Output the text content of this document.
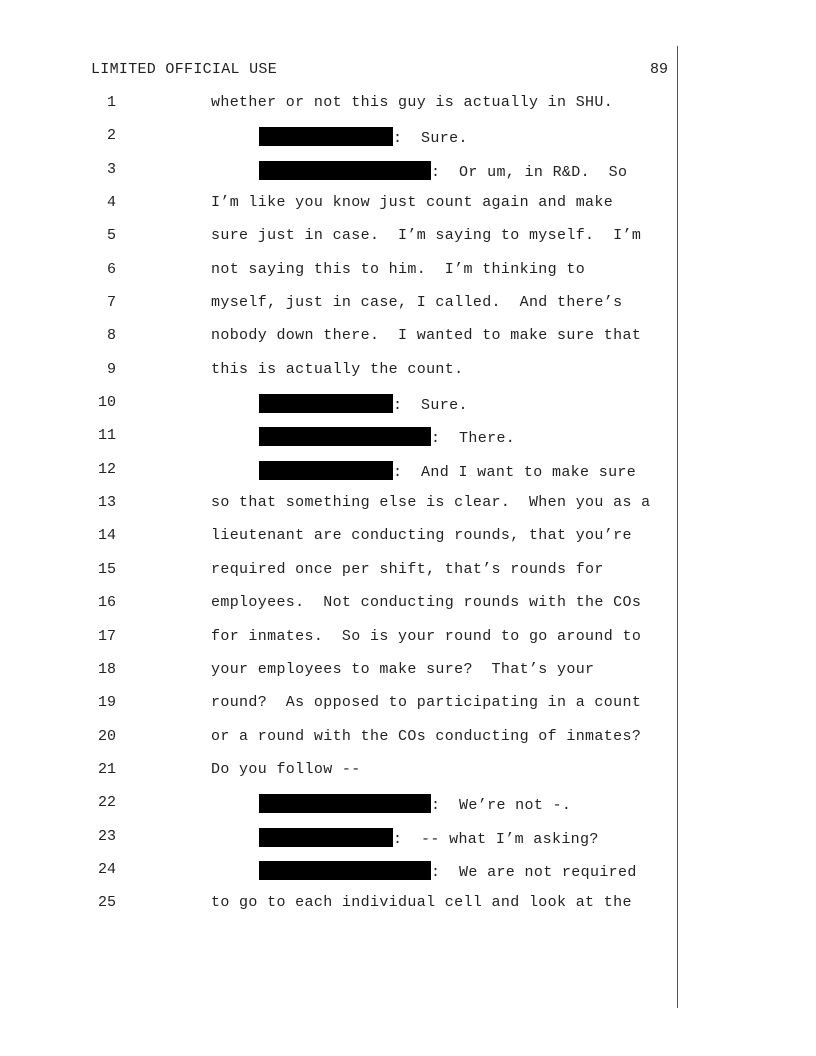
LIMITED OFFICIAL USE	89
1	whether or not this guy is actually in SHU.
2	:  Sure.
3	:  Or um, in R&D.  So
4	I’m like you know just count again and make
5	sure just in case.  I’m saying to myself.  I’m
6	not saying this to him.  I’m thinking to
7	myself, just in case, I called.  And there’s
8	nobody down there.  I wanted to make sure that
9	this is actually the count.
10	:  Sure.
11	:  There.
12	:  And I want to make sure
13	so that something else is clear.  When you as a
14	lieutenant are conducting rounds, that you’re
15	required once per shift, that’s rounds for
16	employees.  Not conducting rounds with the COs
17	for inmates.  So is your round to go around to
18	your employees to make sure?  That’s your
19	round?  As opposed to participating in a count
20	or a round with the COs conducting of inmates?
21	Do you follow --
22	:  We’re not -.
23	:  -- what I’m asking?
24	:  We are not required
25	to go to each individual cell and look at the
